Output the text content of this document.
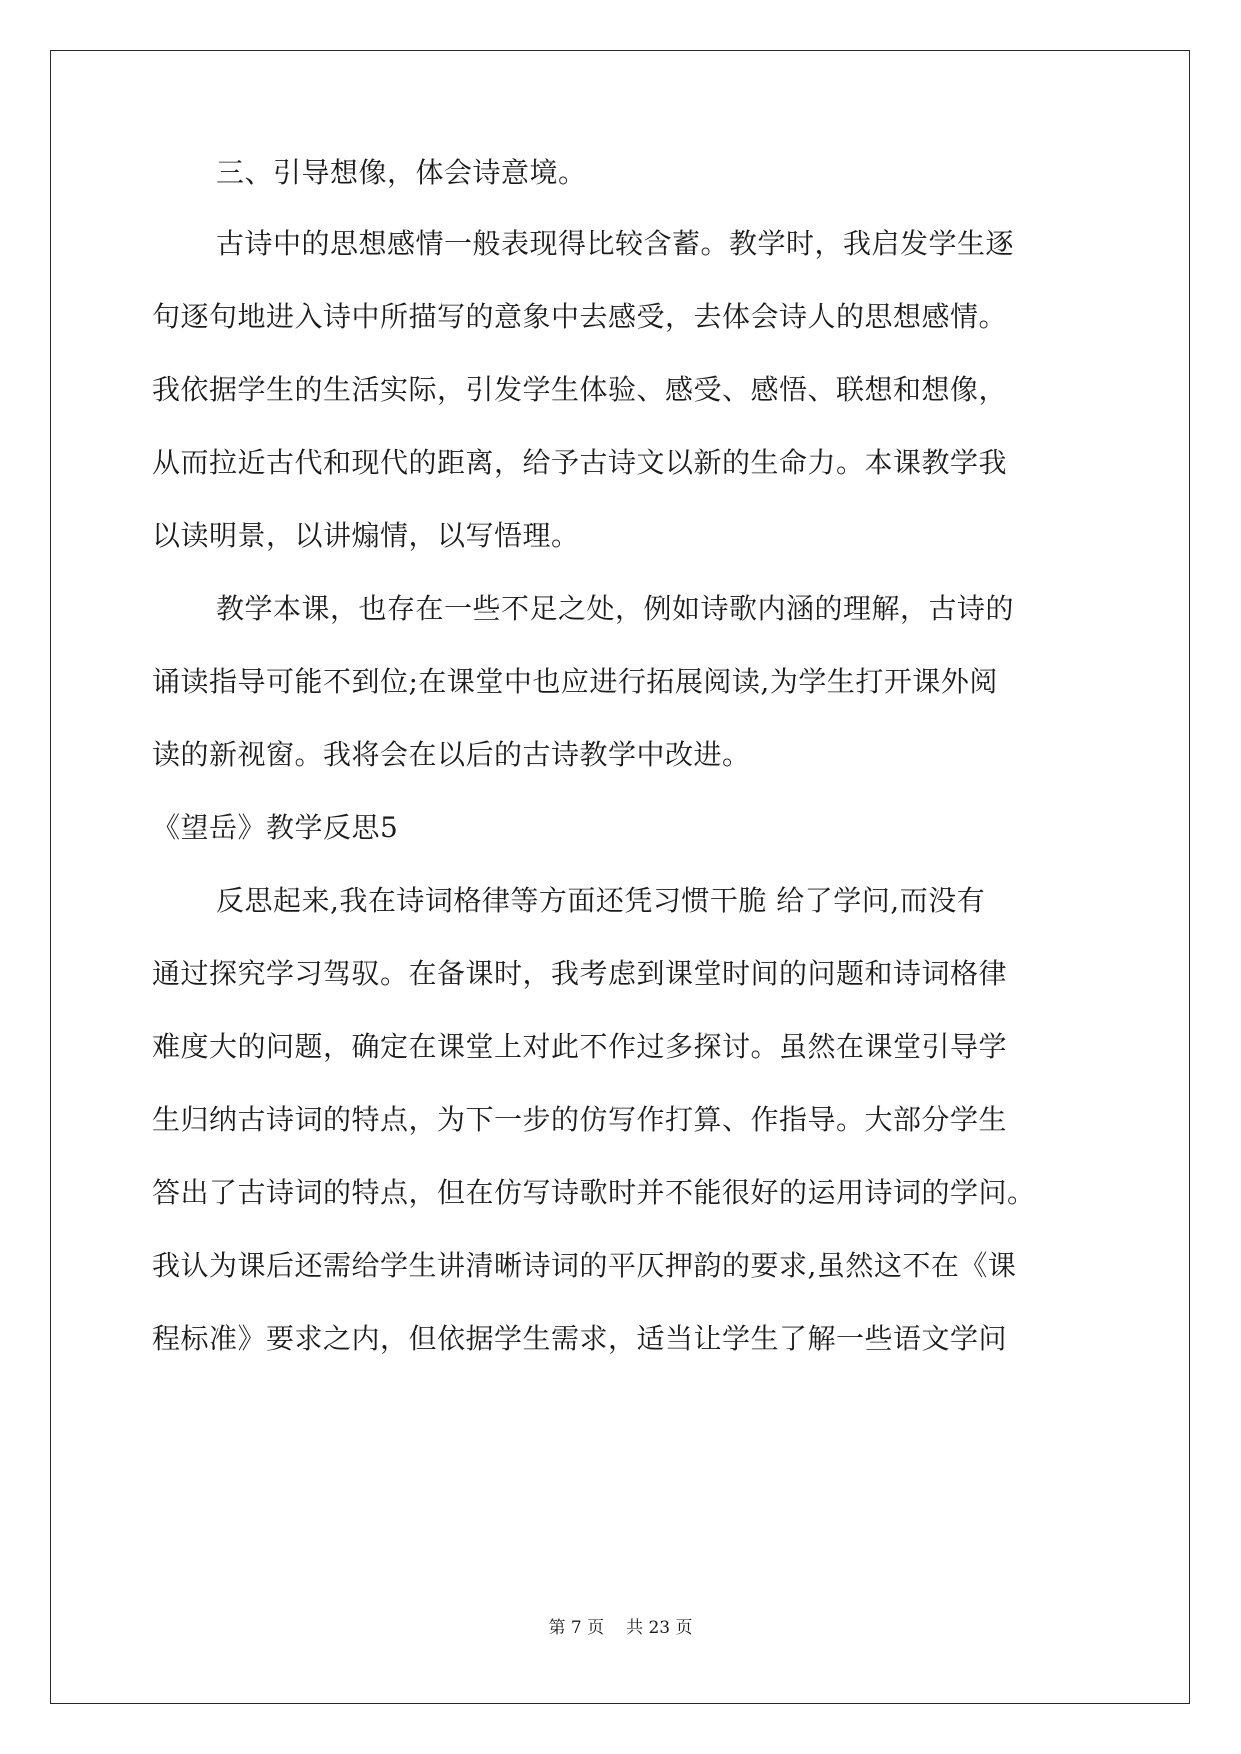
三、引导想像，体会诗意境。
古诗中的思想感情一般表现得比较含蓄。教学时，我启发学生逐
句逐句地进入诗中所描写的意象中去感受，去体会诗人的思想感情。
我依据学生的生活实际，引发学生体验、感受、感悟、联想和想像，
从而拉近古代和现代的距离，给予古诗文以新的生命力。本课教学我
以读明景，以讲煽情，以写悟理。
教学本课，也存在一些不足之处，例如诗歌内涵的理解，古诗的
诵读指导可能不到位;在课堂中也应进行拓展阅读,为学生打开课外阅
读的新视窗。我将会在以后的古诗教学中改进。
《望岳》教学反思5
反思起来,我在诗词格律等方面还凭习惯干脆 给了学问,而没有
通过探究学习驾驭。在备课时，我考虑到课堂时间的问题和诗词格律
难度大的问题，确定在课堂上对此不作过多探讨。虽然在课堂引导学
生归纳古诗词的特点，为下一步的仿写作打算、作指导。大部分学生
答出了古诗词的特点，但在仿写诗歌时并不能很好的运用诗词的学问。
我认为课后还需给学生讲清晰诗词的平仄押韵的要求,虽然这不在《课
程标准》要求之内，但依据学生需求，适当让学生了解一些语文学问
第 7 页 共 23 页
